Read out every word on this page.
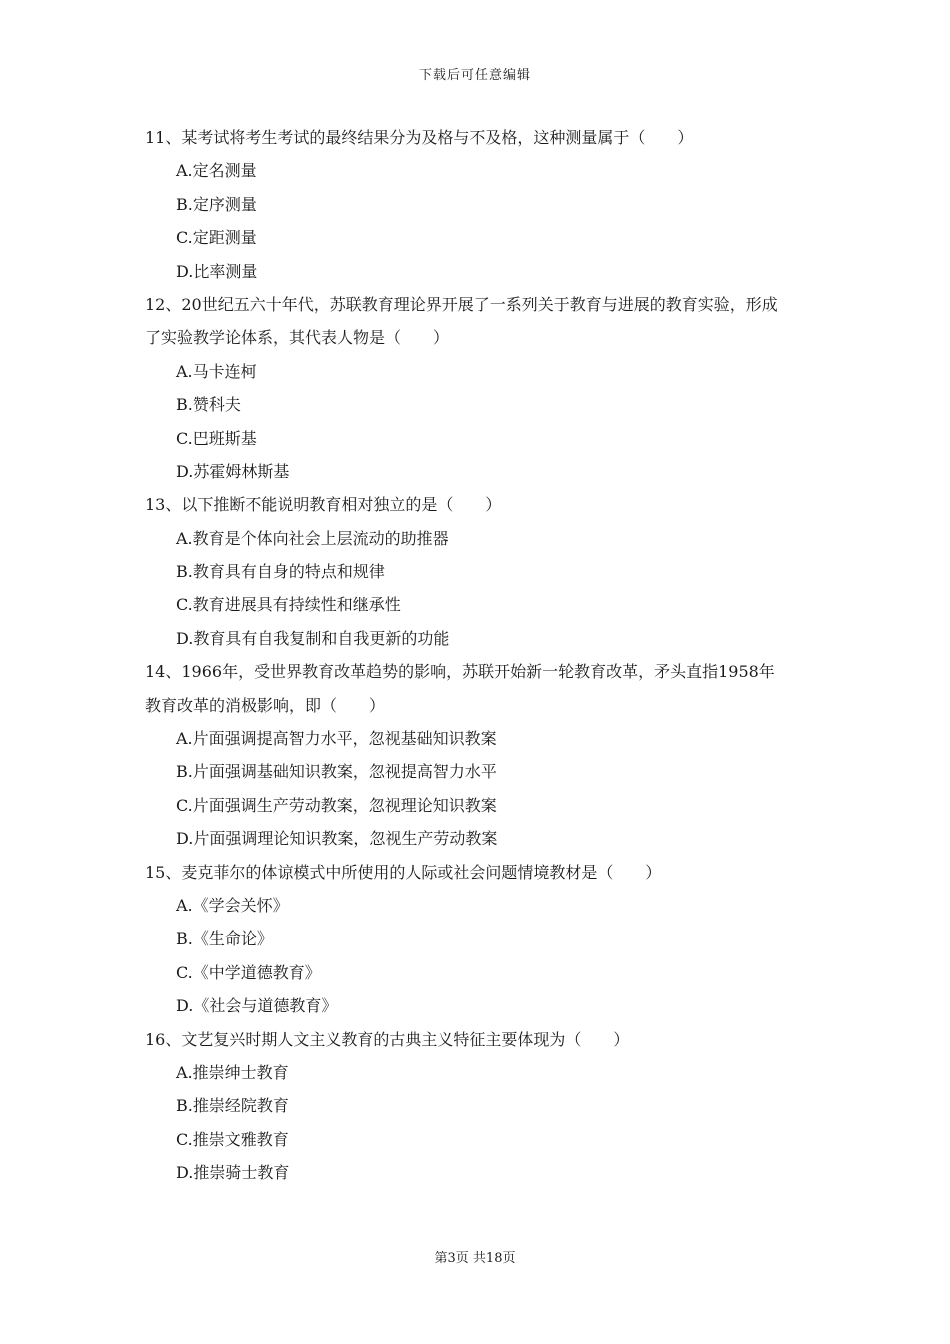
下载后可任意编辑
11、某考试将考生考试的最终结果分为及格与不及格，这种测量属于（　　）
A.定名测量
B.定序测量
C.定距测量
D.比率测量
12、20世纪五六十年代，苏联教育理论界开展了一系列关于教育与进展的教育实验，形成
了实验教学论体系，其代表人物是（　　）
A.马卡连柯
B.赞科夫
C.巴班斯基
D.苏霍姆林斯基
13、以下推断不能说明教育相对独立的是（　　）
A.教育是个体向社会上层流动的助推器
B.教育具有自身的特点和规律
C.教育进展具有持续性和继承性
D.教育具有自我复制和自我更新的功能
14、1966年，受世界教育改革趋势的影响，苏联开始新一轮教育改革，矛头直指1958年
教育改革的消极影响，即（　　）
A.片面强调提高智力水平，忽视基础知识教案
B.片面强调基础知识教案，忽视提高智力水平
C.片面强调生产劳动教案，忽视理论知识教案
D.片面强调理论知识教案，忽视生产劳动教案
15、麦克菲尔的体谅模式中所使用的人际或社会问题情境教材是（　　）
A.《学会关怀》
B.《生命论》
C.《中学道德教育》
D.《社会与道德教育》
16、文艺复兴时期人文主义教育的古典主义特征主要体现为（　　）
A.推崇绅士教育
B.推崇经院教育
C.推崇文雅教育
D.推崇骑士教育
第3页 共18页
